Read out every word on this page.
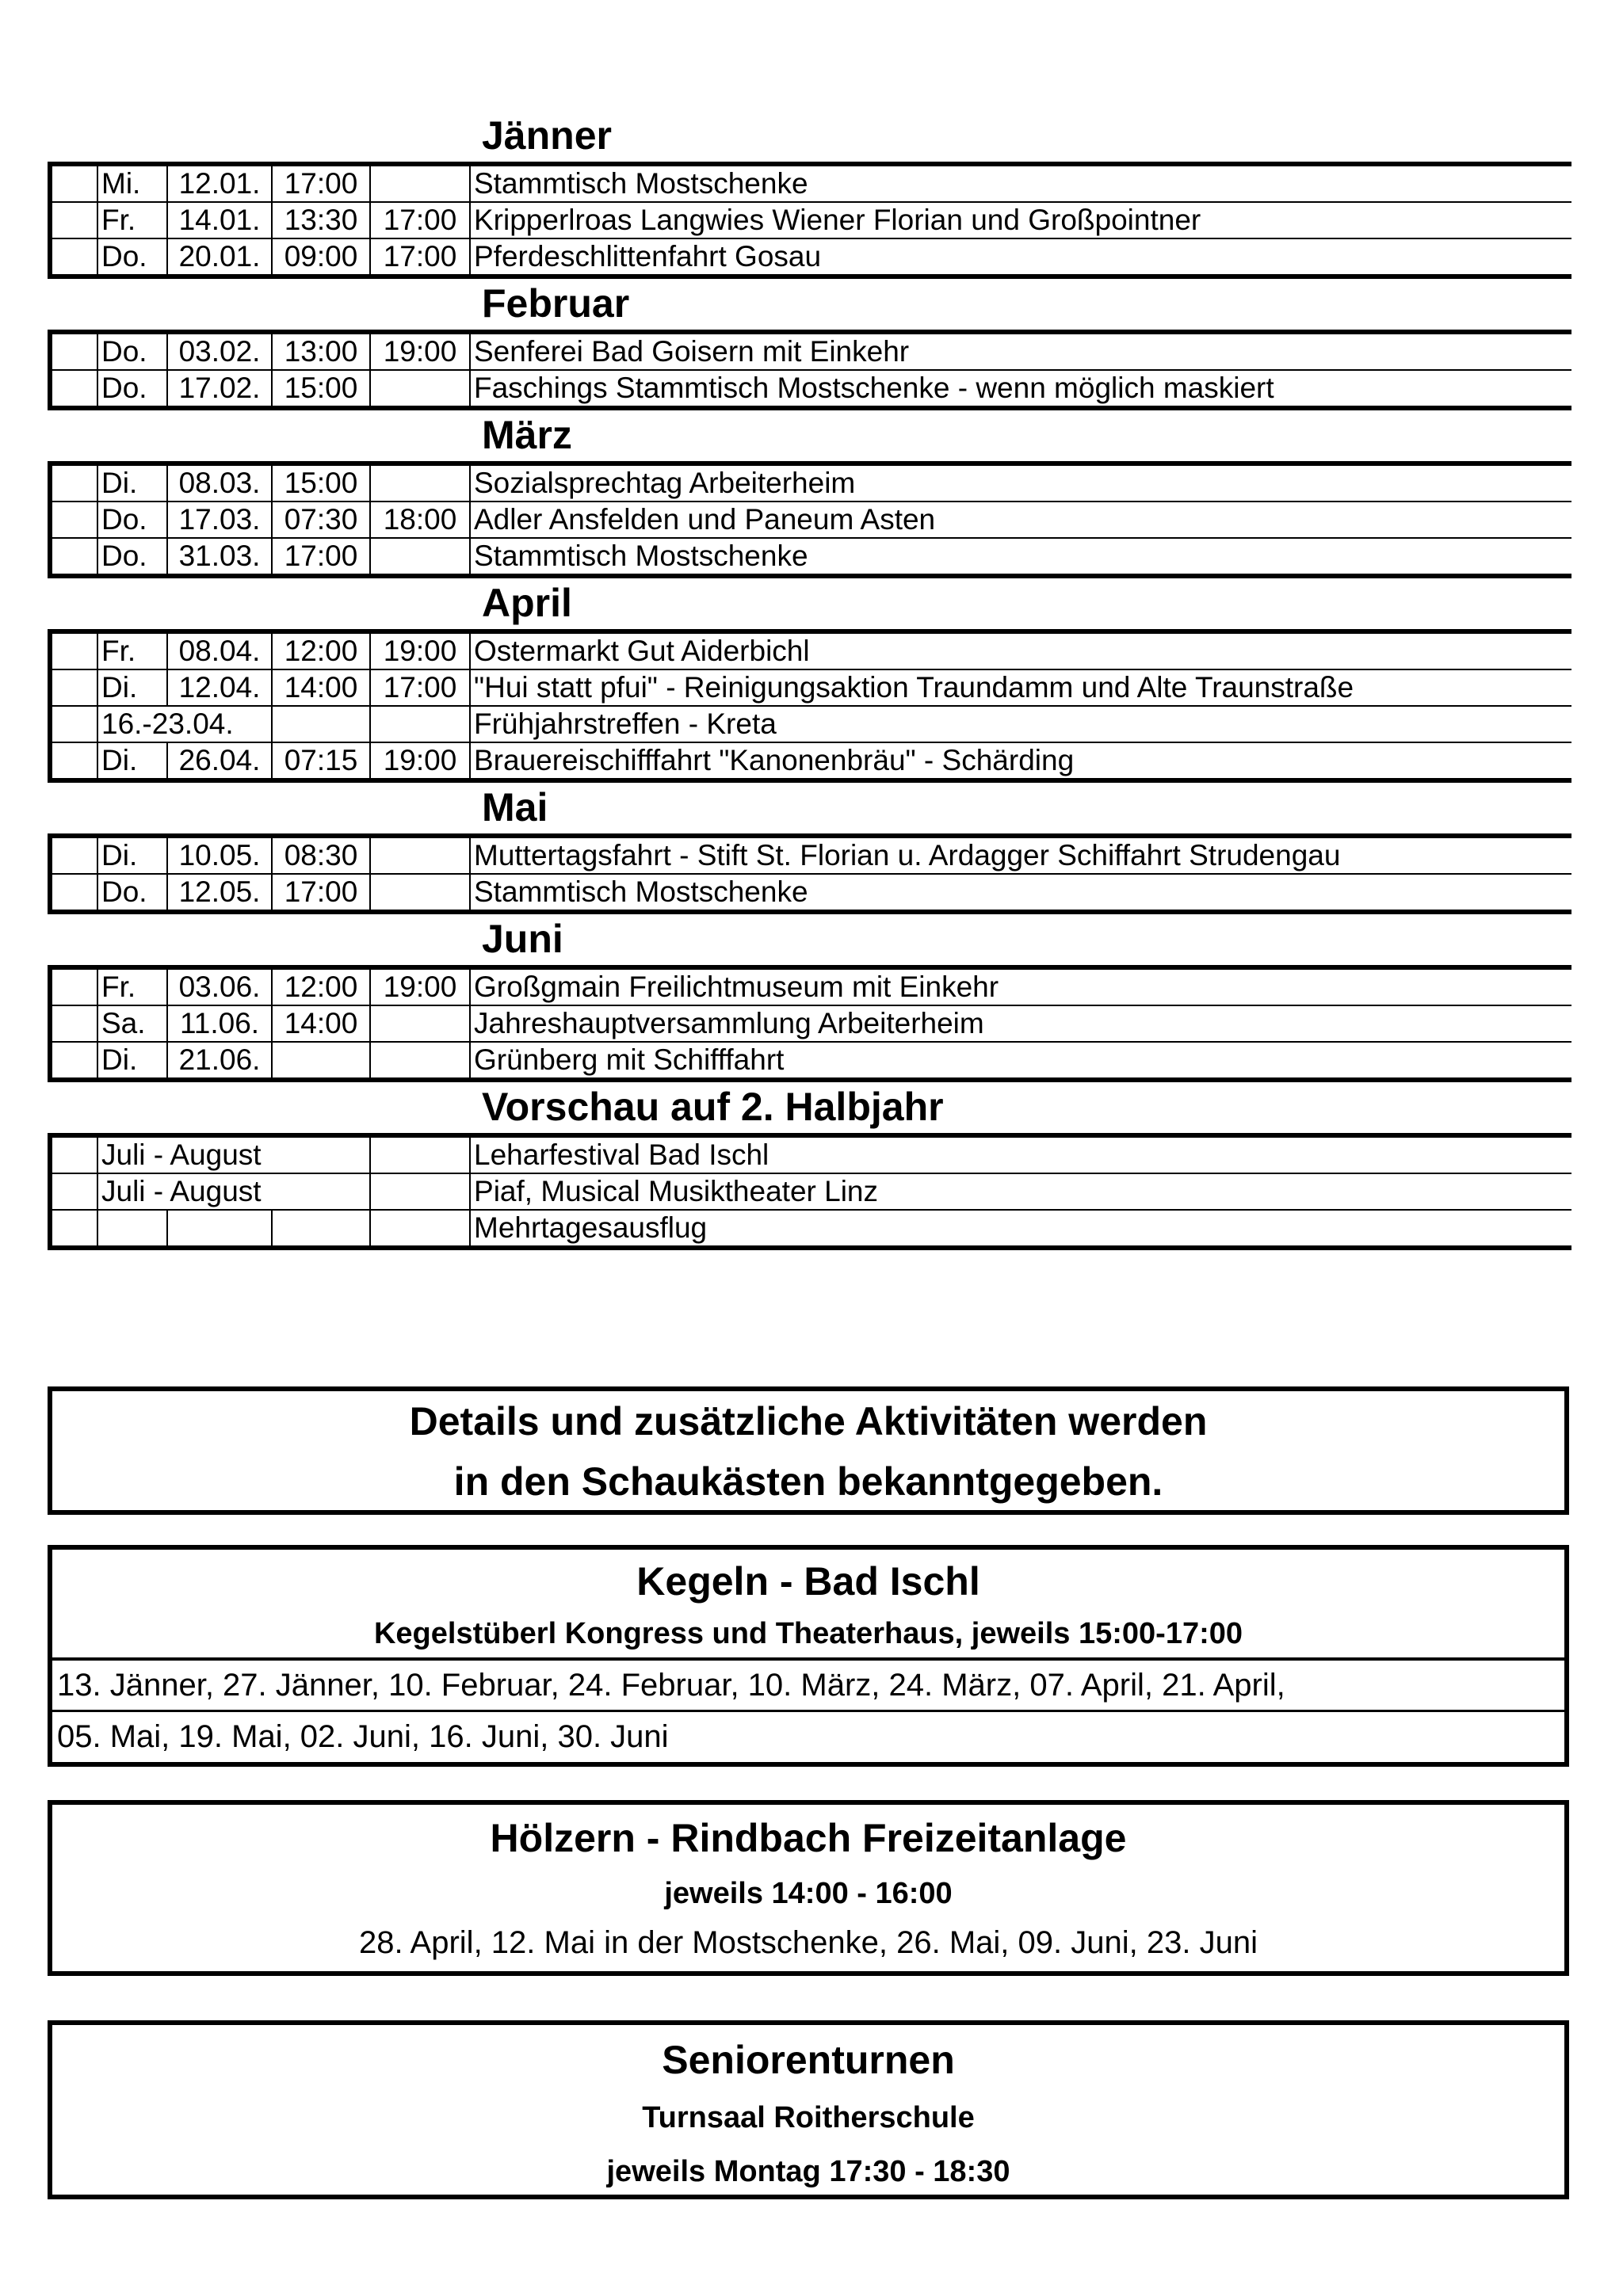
Jänner
	Mi.	12.01.	17:00		Stammtisch Mostschenke
	Fr.	14.01.	13:30	17:00	Kripperlroas Langwies Wiener Florian und Großpointner
	Do.	20.01.	09:00	17:00	Pferdeschlittenfahrt Gosau
Februar
	Do.	03.02.	13:00	19:00	Senferei Bad Goisern mit Einkehr
	Do.	17.02.	15:00		Faschings Stammtisch Mostschenke - wenn möglich maskiert
März
	Di.	08.03.	15:00		Sozialsprechtag Arbeiterheim
	Do.	17.03.	07:30	18:00	Adler Ansfelden und Paneum Asten
	Do.	31.03.	17:00		Stammtisch Mostschenke
April
	Fr.	08.04.	12:00	19:00	Ostermarkt Gut Aiderbichl
	Di.	12.04.	14:00	17:00	"Hui statt pfui" - Reinigungsaktion Traundamm und Alte Traunstraße
	16.-23.04.				Frühjahrstreffen - Kreta
	Di.	26.04.	07:15	19:00	Brauereischifffahrt "Kanonenbräu" - Schärding
Mai
	Di.	10.05.	08:30		Muttertagsfahrt - Stift St. Florian u. Ardagger Schiffahrt Strudengau
	Do.	12.05.	17:00		Stammtisch Mostschenke
Juni
	Fr.	03.06.	12:00	19:00	Großgmain Freilichtmuseum mit Einkehr
	Sa.	11.06.	14:00		Jahreshauptversammlung Arbeiterheim
	Di.	21.06.			Grünberg mit Schifffahrt
Vorschau auf 2. Halbjahr
	Juli - August				Leharfestival Bad Ischl
	Juli - August				Piaf, Musical Musiktheater Linz
					Mehrtagesausflug
Details und zusätzliche Aktivitäten werden
in den Schaukästen bekanntgegeben.
Kegeln - Bad Ischl
Kegelstüberl Kongress und Theaterhaus, jeweils 15:00-17:00
13. Jänner, 27. Jänner, 10. Februar, 24. Februar, 10. März, 24. März, 07. April, 21. April,
05. Mai, 19. Mai, 02. Juni, 16. Juni, 30. Juni
Hölzern - Rindbach Freizeitanlage
jeweils 14:00 - 16:00
28. April, 12. Mai in der Mostschenke, 26. Mai, 09. Juni, 23. Juni
Seniorenturnen
Turnsaal Roitherschule
jeweils Montag 17:30 - 18:30
